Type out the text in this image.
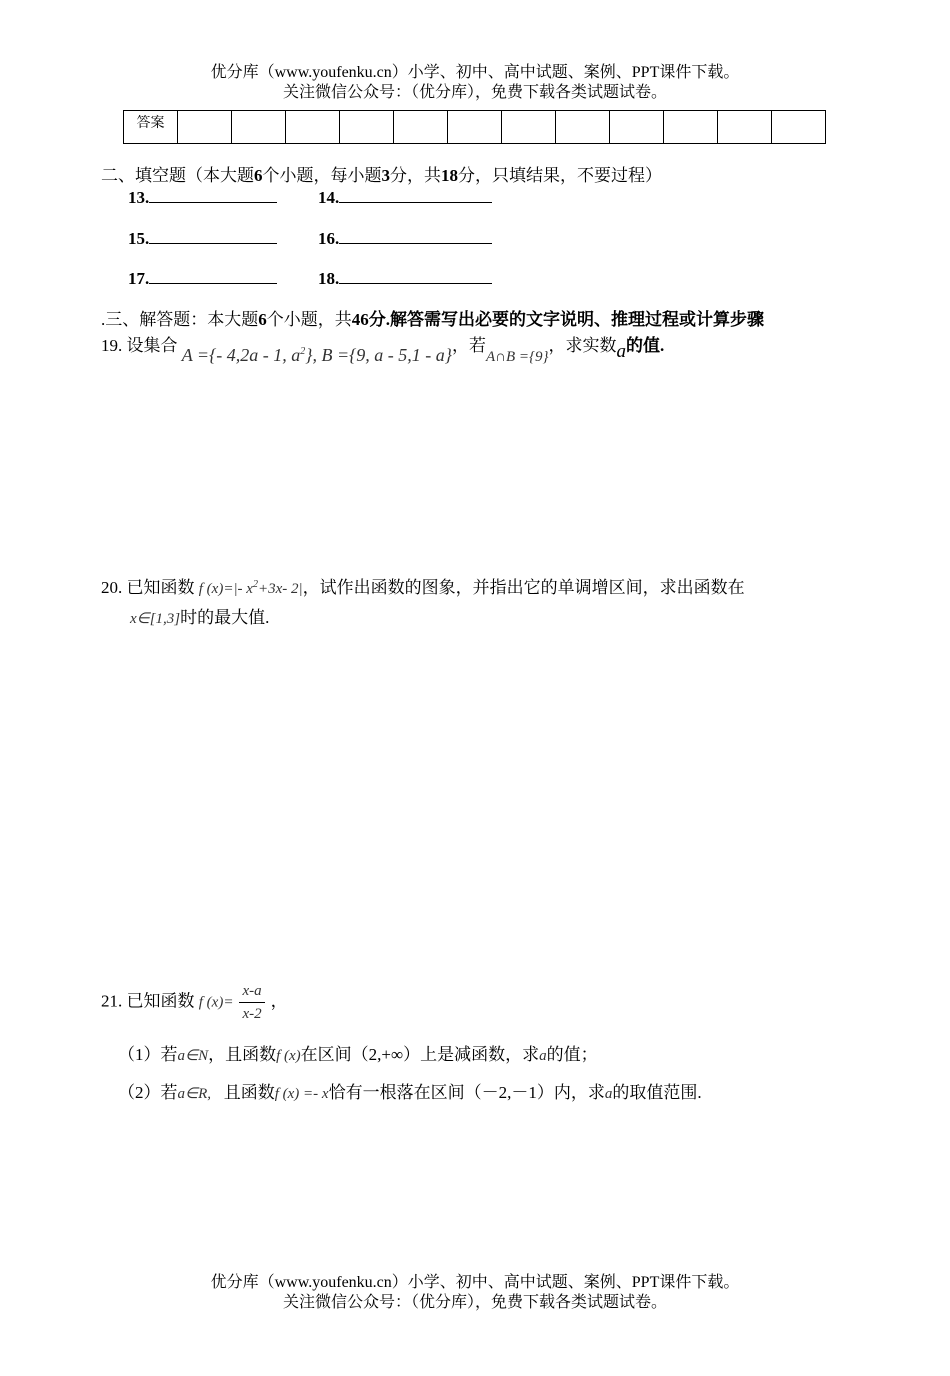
优分库（www.youfenku.cn）小学、初中、高中试题、案例、PPT课件下载。
关注微信公众号：（优分库），免费下载各类试题试卷。
答案												
二、填空题（本大题6个小题，每小题3分，共18分，只填结果，不要过程）
13.	14.
15.	16.
17.	18.
.三、解答题：本大题6个小题，共46分.解答需写出必要的文字说明、推理过程或计算步骤
19. 设集合 A ={- 4,2a - 1, $a^2$}, B ={9, a - 5,1 - a}，若A∩B ={9}，求实数a的值.
20. 已知函数 f (x)=|- $x^2+3x-$ 2|，试作出函数的图象，并指出它的单调增区间，求出函数在
x∈[1,3]时的最大值.
21. 已知函数 f $(x)= \frac{x-a}{x-2}$ ，
（1）若a∈N，且函数f (x)在区间（2,+∞）上是减函数，求a的值；
（2）若a∈R, 且函数f (x) =- x恰有一根落在区间（－2,－1）内，求a的取值范围.
优分库（www.youfenku.cn）小学、初中、高中试题、案例、PPT课件下载。
关注微信公众号：（优分库），免费下载各类试题试卷。
